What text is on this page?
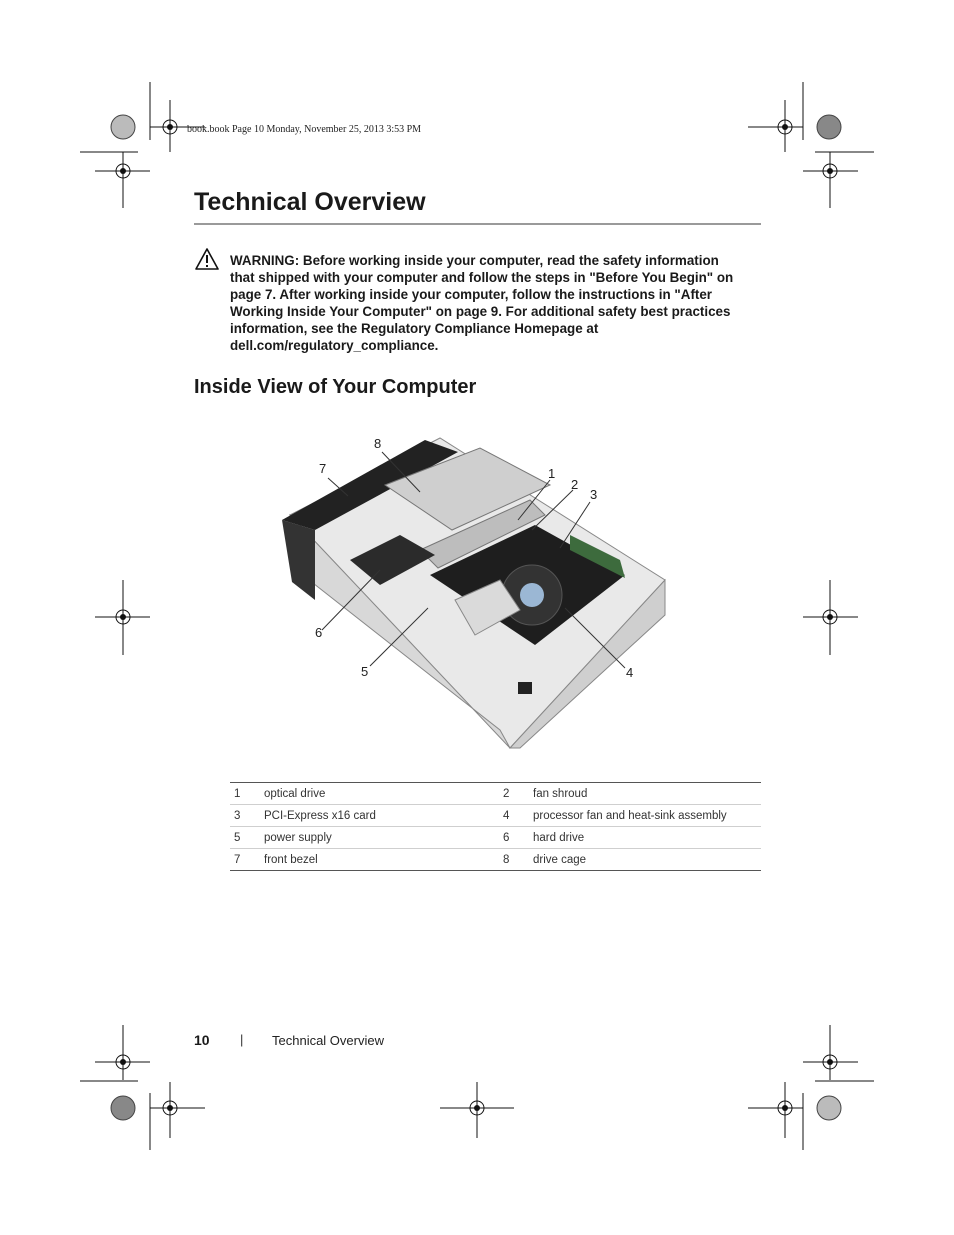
book.book Page 10 Monday, November 25, 2013 3:53 PM
Technical Overview
WARNING: Before working inside your computer, read the safety information
that shipped with your computer and follow the steps in "Before You Begin" on
page 7. After working inside your computer, follow the instructions in "After
Working Inside Your Computer" on page 9. For additional safety best practices
information, see the Regulatory Compliance Homepage at
dell.com/regulatory_compliance.
Inside View of Your Computer
8
7	1
2
3
6
5	4
1	optical drive	2	fan shroud
3	PCI-Express x16 card	4	processor fan and heat-sink assembly
5	power supply	6	hard drive
7	front bezel	8	drive cage
10 | Technical Overview
